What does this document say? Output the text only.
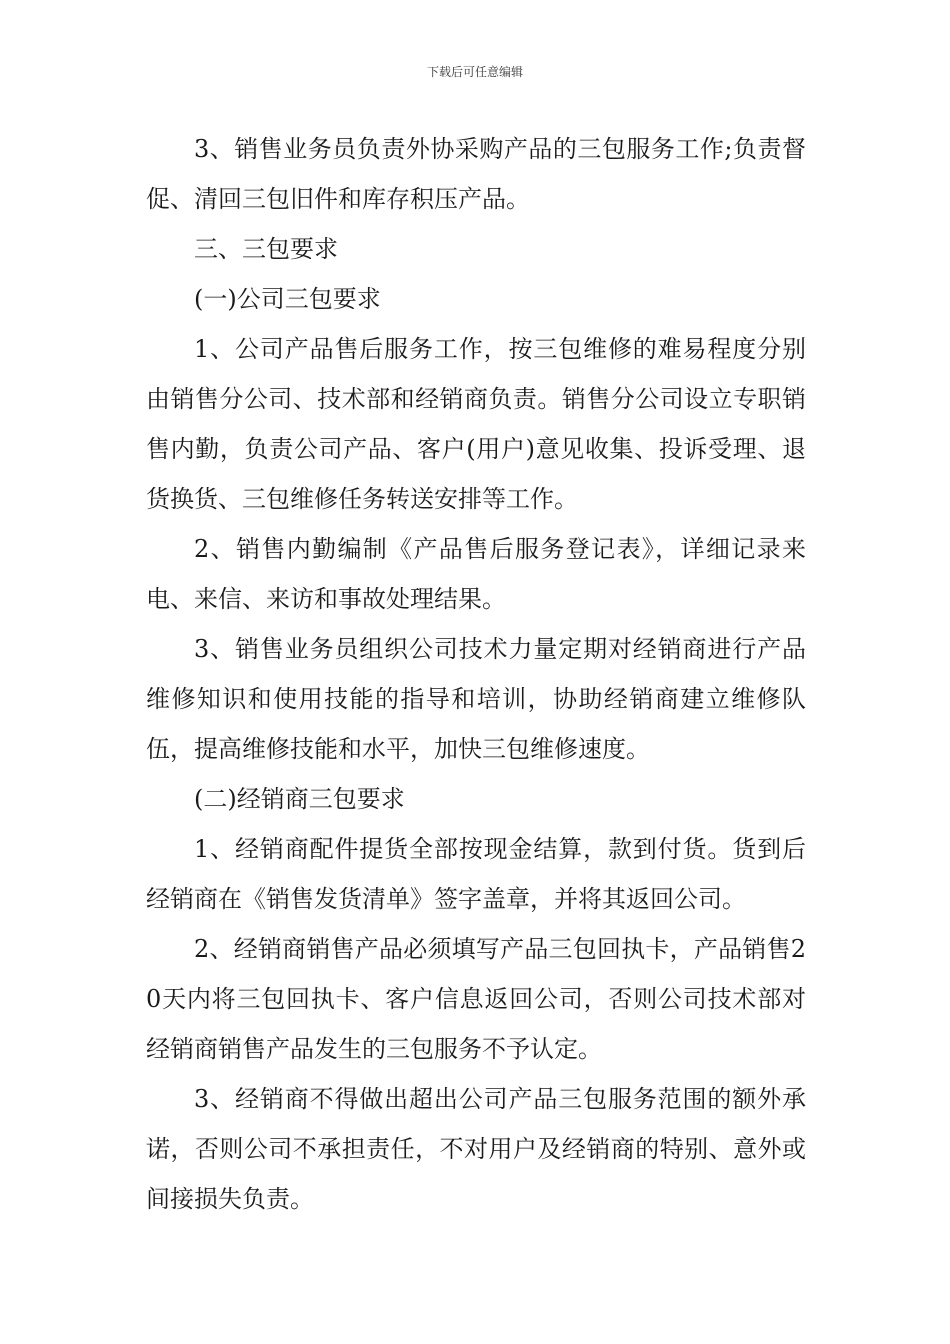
下载后可任意编辑

3、销售业务员负责外协采购产品的三包服务工作;负责督促、清回三包旧件和库存积压产品。

三、三包要求

(一)公司三包要求

1、公司产品售后服务工作，按三包维修的难易程度分别由销售分公司、技术部和经销商负责。销售分公司设立专职销售内勤，负责公司产品、客户(用户)意见收集、投诉受理、退货换货、三包维修任务转送安排等工作。

2、销售内勤编制《产品售后服务登记表》，详细记录来电、来信、来访和事故处理结果。

3、销售业务员组织公司技术力量定期对经销商进行产品维修知识和使用技能的指导和培训，协助经销商建立维修队伍，提高维修技能和水平，加快三包维修速度。

(二)经销商三包要求

1、经销商配件提货全部按现金结算，款到付货。货到后经销商在《销售发货清单》签字盖章，并将其返回公司。

2、经销商销售产品必须填写产品三包回执卡，产品销售20天内将三包回执卡、客户信息返回公司，否则公司技术部对经销商销售产品发生的三包服务不予认定。

3、经销商不得做出超出公司产品三包服务范围的额外承诺，否则公司不承担责任，不对用户及经销商的特别、意外或间接损失负责。
